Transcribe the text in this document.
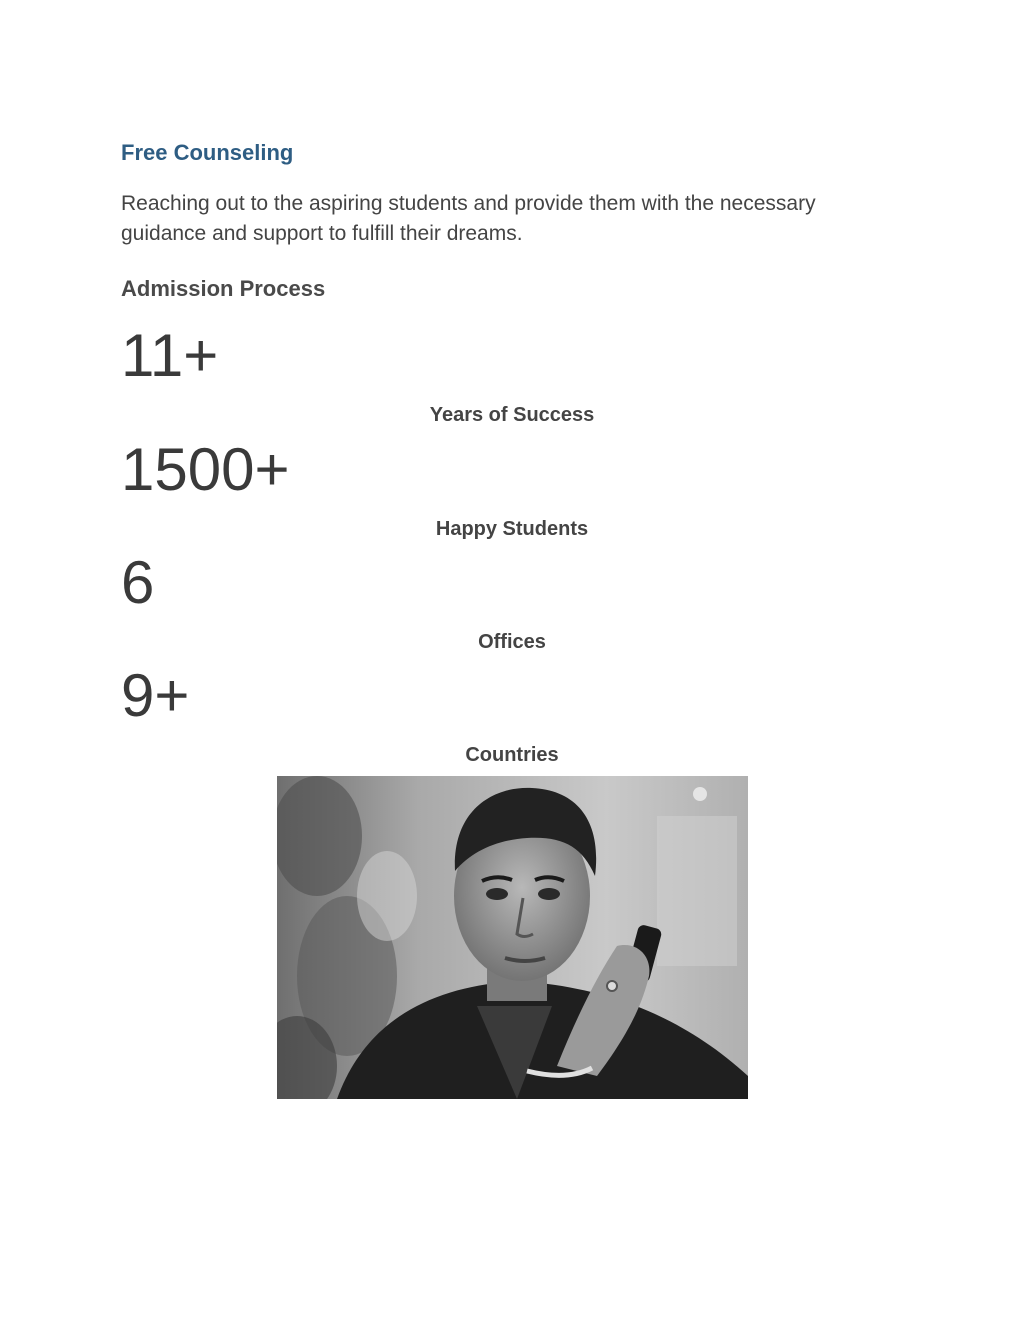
Free Counseling

Reaching out to the aspiring students and provide them with the necessary guidance and support to fulfill their dreams.

Admission Process
11+
Years of Success
1500+
Happy Students
6
Offices
9+
Countries
